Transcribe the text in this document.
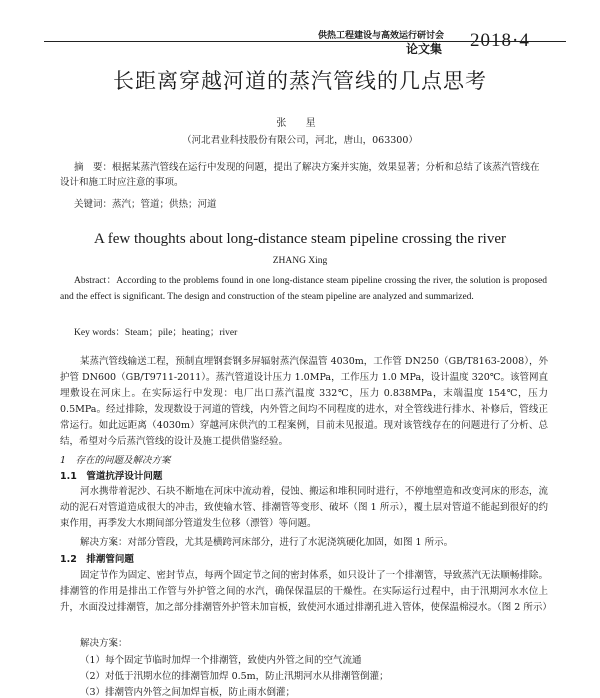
供热工程建设与高效运行研讨会
论文集 2018·4
长距离穿越河道的蒸汽管线的几点思考
张 星
（河北君业科技股份有限公司，河北，唐山，063300）
摘　要：根据某蒸汽管线在运行中发现的问题，提出了解决方案并实施，效果显著；分析和总结了该蒸汽管线在设计和施工时应注意的事项。
关键词：蒸汽；管道；供热；河道
A few thoughts about long-distance steam pipeline crossing the river
ZHANG Xing
Abstract：According to the problems found in one long-distance steam pipeline crossing the river, the solution is proposed and the effect is significant. The design and construction of the steam pipeline are analyzed and summarized.
Key words：Steam；pile；heating；river
某蒸汽管线输送工程，预制直埋钢套钢多屏辐射蒸汽保温管 4030m，工作管 DN250（GB/T8163-2008），外护管 DN600（GB/T9711-2011）。蒸汽管道设计压力 1.0MPa，工作压力 1.0 MPa，设计温度 320℃。该管网直埋敷设在河床上。在实际运行中发现：电厂出口蒸汽温度 332℃，压力 0.838MPa，末端温度 154℃，压力 0.5MPa。经过排除，发现数设于河道的管线，内外管之间均不同程度的进水，对全管线进行排水、补修后，管线正常运行。如此远距离（4030m）穿越河床供汽的工程案例，目前未见报道。现对该管线存在的问题进行了分析、总结，希望对今后蒸汽管线的设计及施工提供借鉴经验。
1　存在的问题及解决方案
1.1　管道抗浮设计问题
河水携带着泥沙、石块不断地在河床中流动着，侵蚀、搬运和堆积同时进行，不停地塑造和改变河床的形态，流动的泥石对管道造成很大的冲击，致使输水管、排潮管等变形、破坏（图 1 所示），覆土层对管道不能起到很好的约束作用，再季发大水期间部分管道发生位移（漂管）等问题。
解决方案：对部分管段，尤其是横跨河床部分，进行了水泥浇筑硬化加固，如图 1 所示。
1.2　排潮管问题
固定节作为固定、密封节点，每两个固定节之间的密封体系，如只设计了一个排潮管，导致蒸汽无法顺畅排除。排潮管的作用是排出工作管与外护管之间的水汽，确保保温层的干燥性。在实际运行过程中，由于汛期河水水位上升，水面没过排潮管，加之部分排潮管外护管未加盲板，致使河水通过排潮孔进入管体，使保温棉浸水。（图 2 所示）
解决方案：
（1）每个固定节临时加焊一个排潮管，致使内外管之间的空气流通
（2）对低于汛期水位的排潮管加焊 0.5m，防止汛期河水从排潮管倒灌；
（3）排潮管内外管之间加焊盲板，防止雨水倒灌；
